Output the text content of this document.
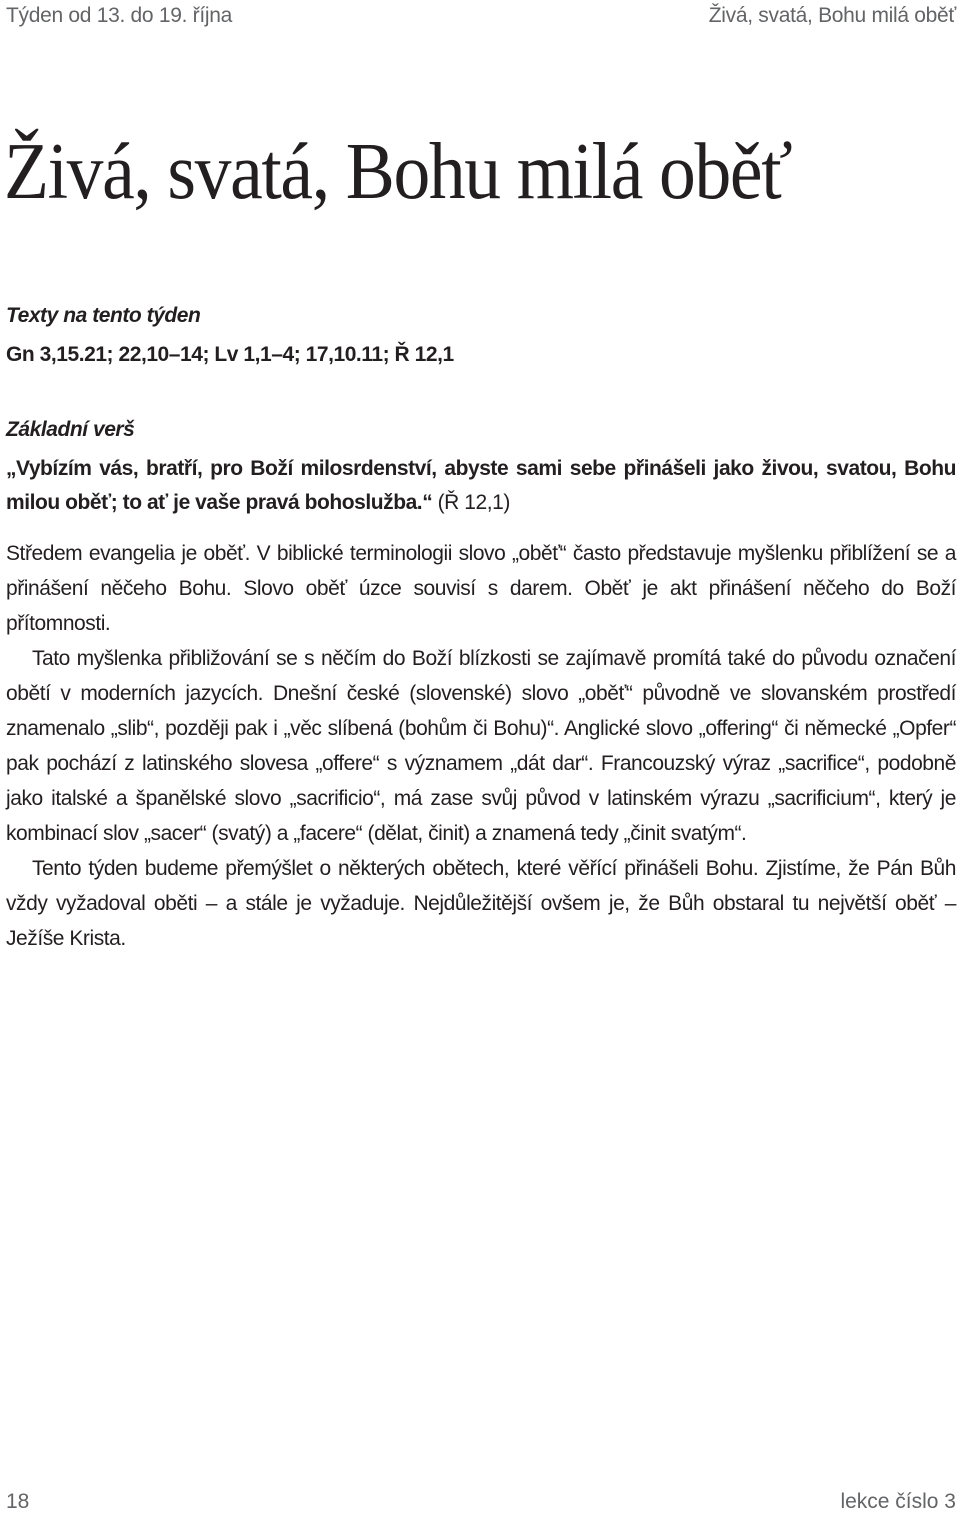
Týden od 13. do 19. října	Živá, svatá, Bohu milá oběť
Živá, svatá, Bohu milá oběť
Texty na tento týden
Gn 3,15.21; 22,10–14; Lv 1,1–4; 17,10.11; Ř 12,1
Základní verš
„Vybízím vás, bratří, pro Boží milosrdenství, abyste sami sebe přinášeli jako živou, svatou, Bohu milou oběť; to ať je vaše pravá bohoslužba.“ (Ř 12,1)

Středem evangelia je oběť. V biblické terminologii slovo „oběť“ často představuje myšlenku přiblížení se a přinášení něčeho Bohu. Slovo oběť úzce souvisí s darem. Oběť je akt přinášení něčeho do Boží přítomnosti.

Tato myšlenka přibližování se s něčím do Boží blízkosti se zajímavě promítá také do původu označení obětí v moderních jazycích. Dnešní české (slovenské) slovo „oběť“ původně ve slovanském prostředí znamenalo „slib“, později pak i „věc slíbená (bohům či Bohu)“. Anglické slovo „offering“ či německé „Opfer“ pak pochází z latinského slovesa „offere“ s významem „dát dar“. Francouzský výraz „sacrifice“, podobně jako italské a španělské slovo „sacrificio“, má zase svůj původ v latinském výrazu „sacrificium“, který je kombinací slov „sacer“ (svatý) a „facere“ (dělat, činit) a znamená tedy „činit svatým“.

Tento týden budeme přemýšlet o některých obětech, které věřící přinášeli Bohu. Zjistíme, že Pán Bůh vždy vyžadoval oběti – a stále je vyžaduje. Nejdůležitější ovšem je, že Bůh obstaral tu největší oběť – Ježíše Krista.

18	lekce číslo 3
